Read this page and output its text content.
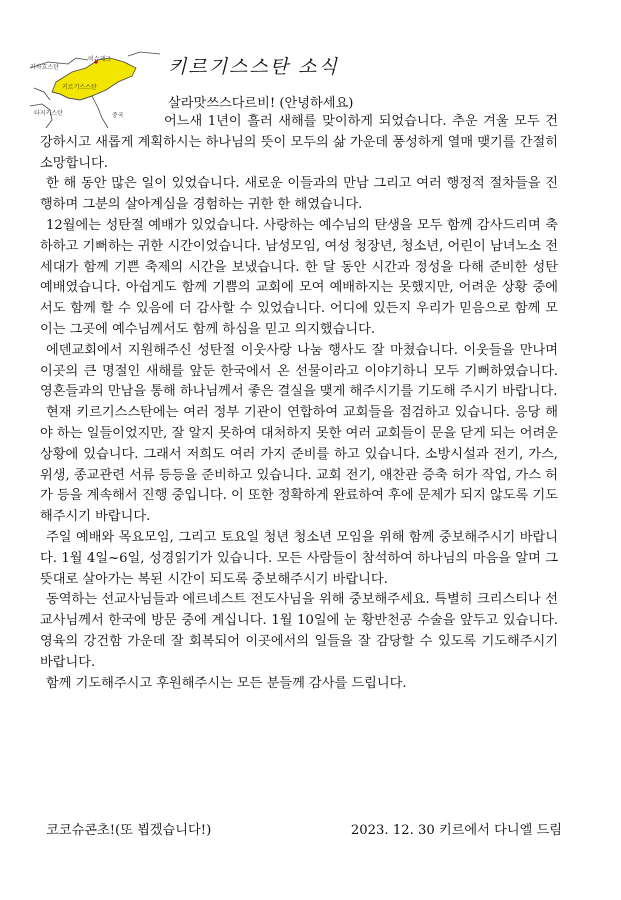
카자흐스탄
비슈케크
키르기스스탄
타지키스탄	중국
키르기스스탄 소식
살라맛쓰스다르비! (안녕하세요)

어느새 1년이 흘러 새해를 맞이하게 되었습니다. 추운 겨울 모두 건강하시고 새롭게 계획하시는 하나님의 뜻이 모두의 삶 가운데 풍성하게 열매 맺기를 간절히 소망합니다.

한 해 동안 많은 일이 있었습니다. 새로운 이들과의 만남 그리고 여러 행정적 절차들을 진행하며 그분의 살아계심을 경험하는 귀한 한 해였습니다.

12월에는 성탄절 예배가 있었습니다. 사랑하는 예수님의 탄생을 모두 함께 감사드리며 축하하고 기뻐하는 귀한 시간이었습니다. 남성모임, 여성 청장년, 청소년, 어린이 남녀노소 전 세대가 함께 기쁜 축제의 시간을 보냈습니다. 한 달 동안 시간과 정성을 다해 준비한 성탄 예배였습니다. 아쉽게도 함께 기쁨의 교회에 모여 예배하지는 못했지만, 어려운 상황 중에서도 함께 할 수 있음에 더 감사할 수 있었습니다. 어디에 있든지 우리가 믿음으로 함께 모이는 그곳에 예수님께서도 함께 하심을 믿고 의지했습니다.

에덴교회에서 지원해주신 성탄절 이웃사랑 나눔 행사도 잘 마쳤습니다. 이웃들을 만나며 이곳의 큰 명절인 새해를 앞둔 한국에서 온 선물이라고 이야기하니 모두 기뻐하였습니다. 영혼들과의 만남을 통해 하나님께서 좋은 결실을 맺게 해주시기를 기도해 주시기 바랍니다.

현재 키르기스스탄에는 여러 정부 기관이 연합하여 교회들을 점검하고 있습니다. 응당 해야 하는 일들이었지만, 잘 알지 못하여 대처하지 못한 여러 교회들이 문을 닫게 되는 어려운 상황에 있습니다. 그래서 저희도 여러 가지 준비를 하고 있습니다. 소방시설과 전기, 가스, 위생, 종교관련 서류 등등을 준비하고 있습니다. 교회 전기, 애찬관 증축 허가 작업, 가스 허가 등을 계속해서 진행 중입니다. 이 또한 정확하게 완료하여 후에 문제가 되지 않도록 기도해주시기 바랍니다.

주일 예배와 목요모임, 그리고 토요일 청년 청소년 모임을 위해 함께 중보해주시기 바랍니다. 1월 4일~6일, 성경읽기가 있습니다. 모든 사람들이 참석하여 하나님의 마음을 알며 그 뜻대로 살아가는 복된 시간이 되도록 중보해주시기 바랍니다.

동역하는 선교사님들과 에르네스트 전도사님을 위해 중보해주세요. 특별히 크리스티나 선교사님께서 한국에 방문 중에 계십니다. 1월 10일에 눈 황반천공 수술을 앞두고 있습니다. 영육의 강건함 가운데 잘 회복되어 이곳에서의 일들을 잘 감당할 수 있도록 기도해주시기 바랍니다.

함께 기도해주시고 후원해주시는 모든 분들께 감사를 드립니다.

코코슈콘초!(또 뵙겠습니다!)	2023. 12. 30 키르에서 다니엘 드림
